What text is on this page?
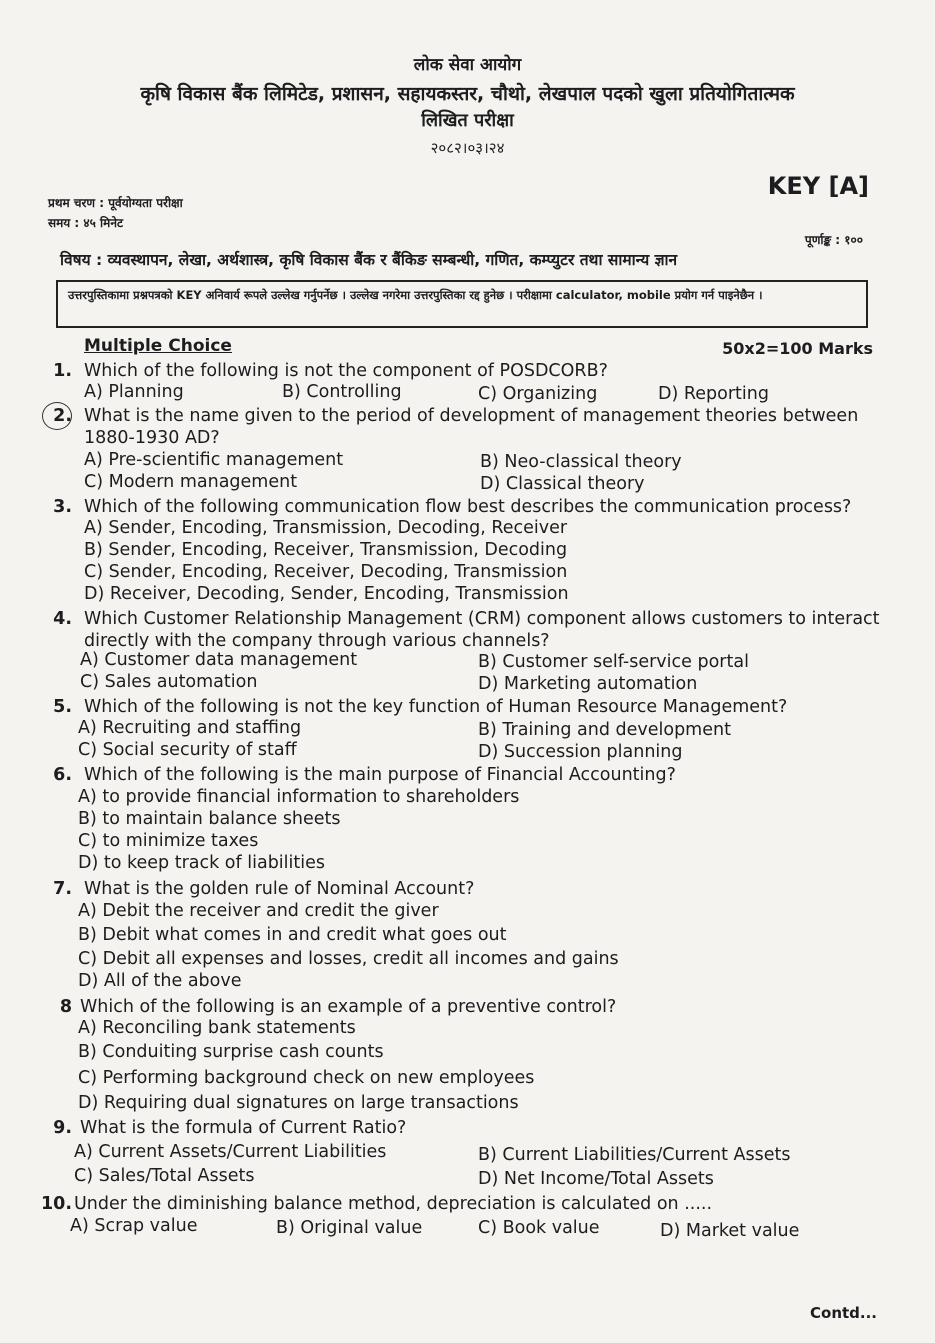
लोक सेवा आयोग
कृषि विकास बैंक लिमिटेड, प्रशासन, सहायकस्तर, चौथो, लेखपाल पदको खुला प्रतियोगितात्मक
लिखित परीक्षा
२०८२।०३।२४
प्रथम चरण : पूर्वयोग्यता परीक्षा
समय : ४५ मिनेट
KEY [A]
पूर्णाङ्क : १००
विषय : व्यवस्थापन, लेखा, अर्थशास्त्र, कृषि विकास बैंक र बैंकिङ सम्बन्धी, गणित, कम्प्युटर तथा सामान्य ज्ञान
उत्तरपुस्तिकामा प्रश्नपत्रको KEY अनिवार्य रूपले उल्लेख गर्नुपर्नेछ । उल्लेख नगरेमा उत्तरपुस्तिका रद्द हुनेछ । परीक्षामा calculator, mobile प्रयोग गर्न पाइनेछैन ।
Multiple Choice	50x2=100 Marks
1. Which of the following is not the component of POSDCORB?
A) Planning	B) Controlling	C) Organizing	D) Reporting
2. What is the name given to the period of development of management theories between 1880-1930 AD?
A) Pre-scientific management	B) Neo-classical theory
C) Modern management	D) Classical theory
3. Which of the following communication flow best describes the communication process?
A) Sender, Encoding, Transmission, Decoding, Receiver
B) Sender, Encoding, Receiver, Transmission, Decoding
C) Sender, Encoding, Receiver, Decoding, Transmission
D) Receiver, Decoding, Sender, Encoding, Transmission
4. Which Customer Relationship Management (CRM) component allows customers to interact directly with the company through various channels?
A) Customer data management	B) Customer self-service portal
C) Sales automation	D) Marketing automation
5. Which of the following is not the key function of Human Resource Management?
A) Recruiting and staffing	B) Training and development
C) Social security of staff	D) Succession planning
6. Which of the following is the main purpose of Financial Accounting?
A) to provide financial information to shareholders
B) to maintain balance sheets
C) to minimize taxes
D) to keep track of liabilities
7. What is the golden rule of Nominal Account?
A) Debit the receiver and credit the giver
B) Debit what comes in and credit what goes out
C) Debit all expenses and losses, credit all incomes and gains
D) All of the above
8 Which of the following is an example of a preventive control?
A) Reconciling bank statements
B) Conduiting surprise cash counts
C) Performing background check on new employees
D) Requiring dual signatures on large transactions
9. What is the formula of Current Ratio?
A) Current Assets/Current Liabilities	B) Current Liabilities/Current Assets
C) Sales/Total Assets	D) Net Income/Total Assets
10. Under the diminishing balance method, depreciation is calculated on .....
A) Scrap value	B) Original value	C) Book value	D) Market value
Contd...
